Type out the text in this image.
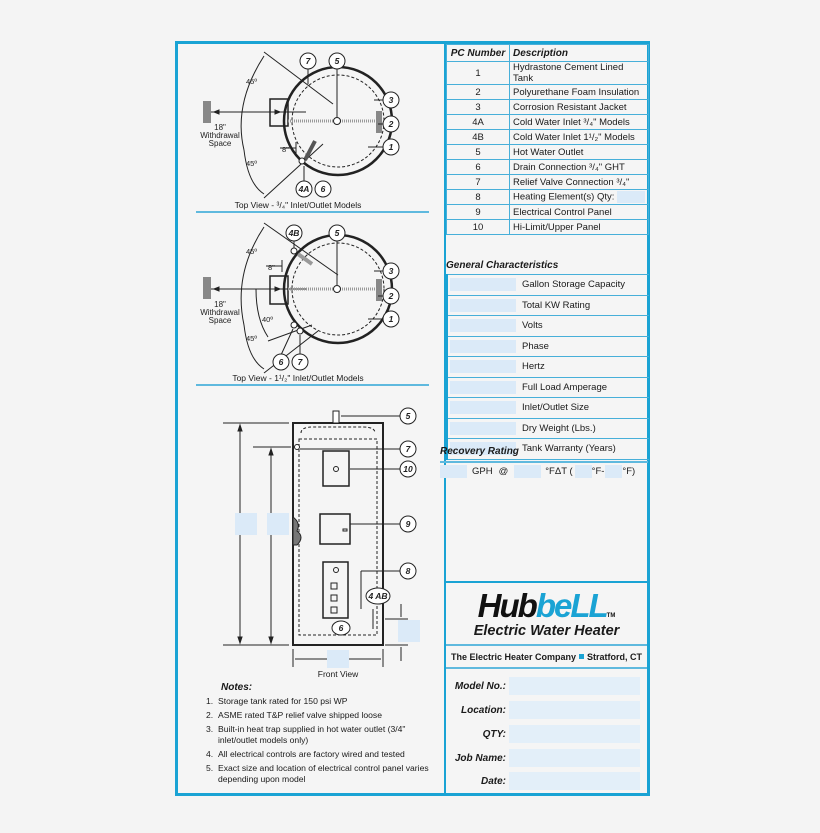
45º
45º
18"
Withdrawal
Space
8"
7	5
3
2
1
4A 6
Top View - ³/₄" Inlet/Outlet Models
45º
40º
45º
18"
Withdrawal
Space
8"
4B	5
3
2
1
6 7
Top View - 1¹/₂" Inlet/Outlet Models
5
7
10
9
8
4 AB
6
Front View
Notes:
1. Storage tank rated for 150 psi WP
2. ASME rated T&P relief valve shipped loose
3. Built-in heat trap supplied in hot water outlet (3/4" inlet/outlet models only)
4. All electrical controls are factory wired and tested
5. Exact size and location of electrical control panel varies depending upon model
PC Number	Description
1	Hydrastone Cement Lined Tank
2	Polyurethane Foam Insulation
3	Corrosion Resistant Jacket
4A	Cold Water Inlet ³/₄" Models
4B	Cold Water Inlet 1¹/₂" Models
5	Hot Water Outlet
6	Drain Connection ³/₄" GHT
7	Relief Valve Connection ³/₄"
8	Heating Element(s) Qty:
9	Electrical Control Panel
10	Hi-Limit/Upper Panel
General Characteristics
	Gallon Storage Capacity

	Total KW Rating

	Volts

	Phase

	Hertz

	Full Load Amperage

	Inlet/Outlet Size

	Dry Weight (Lbs.)

	Tank Warranty (Years)
Recovery Rating
GPH @	°FΔT ( °F- °F)
HubbeLLTM
Electric Water Heater
The Electric Heater Company Stratford, CT
Model No.:
Location:
QTY:
Job Name:
Date:
